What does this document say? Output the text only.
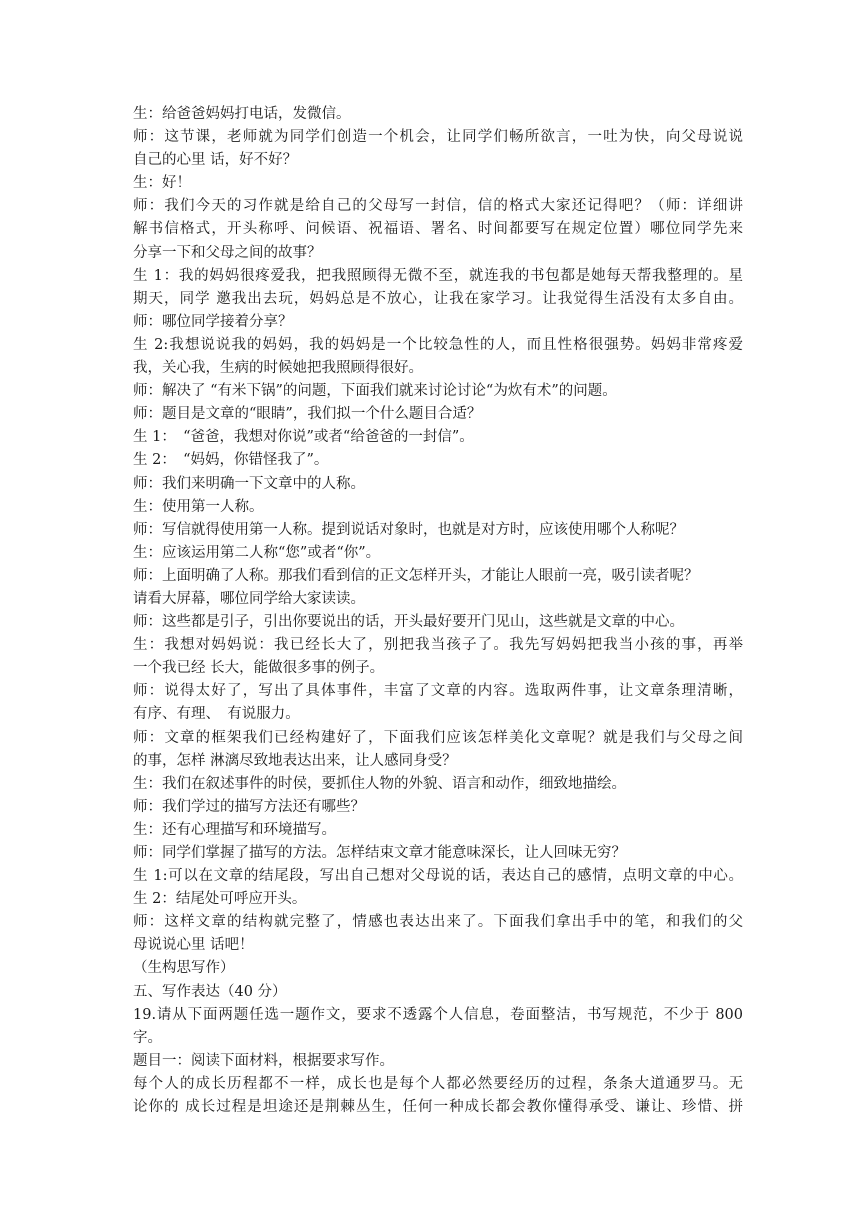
生：给爸爸妈妈打电话，发微信。
师：这节课，老师就为同学们创造一个机会，让同学们畅所欲言，一吐为快，向父母说说
自己的心里 话，好不好？
生：好！
师：我们今天的习作就是给自己的父母写一封信，信的格式大家还记得吧？（师：详细讲
解书信格式，开头称呼、问候语、祝福语、署名、时间都要写在规定位置）哪位同学先来
分享一下和父母之间的故事？
生 1：我的妈妈很疼爱我，把我照顾得无微不至，就连我的书包都是她每天帮我整理的。星
期天，同学 邀我出去玩，妈妈总是不放心，让我在家学习。让我觉得生活没有太多自由。
师：哪位同学接着分享？
生 2:我想说说我的妈妈，我的妈妈是一个比较急性的人，而且性格很强势。妈妈非常疼爱
我，关心我，生病的时候她把我照顾得很好。
师：解决了 “有米下锅”的问题，下面我们就来讨论讨论“为炊有术”的问题。
师：题目是文章的“眼睛”，我们拟一个什么题目合适？
生 1：　“爸爸，我想对你说”或者“给爸爸的一封信”。
生 2：　“妈妈，你错怪我了”。
师：我们来明确一下文章中的人称。
生：使用第一人称。
师：写信就得使用第一人称。提到说话对象时，也就是对方时，应该使用哪个人称呢？
生：应该运用第二人称“您”或者“你”。
师：上面明确了人称。那我们看到信的正文怎样开头，才能让人眼前一亮，吸引读者呢？
请看大屏幕，哪位同学给大家读读。
师：这些都是引子，引出你要说出的话，开头最好要开门见山，这些就是文章的中心。
生：我想对妈妈说：我已经长大了，别把我当孩子了。我先写妈妈把我当小孩的事，再举
一个我已经 长大，能做很多事的例子。
师：说得太好了，写出了具体事件，丰富了文章的内容。选取两件事，让文章条理清晰，
有序、有理、　有说服力。
师：文章的框架我们已经构建好了，下面我们应该怎样美化文章呢？就是我们与父母之间
的事，怎样 淋漓尽致地表达出来，让人感同身受？
生：我们在叙述事件的时侯，要抓住人物的外貌、语言和动作，细致地描绘。
师：我们学过的描写方法还有哪些？
生：还有心理描写和环境描写。
师：同学们掌握了描写的方法。怎样结束文章才能意味深长，让人回味无穷？
生 1:可以在文章的结尾段，写出自己想对父母说的话，表达自己的感情，点明文章的中心。
生 2：结尾处可呼应开头。
师：这样文章的结构就完整了，情感也表达出来了。下面我们拿出手中的笔，和我们的父
母说说心里 话吧！
（生构思写作）
五、写作表达（40 分）
19.请从下面两题任选一题作文，要求不透露个人信息，卷面整洁，书写规范，不少于 800
字。
题目一：阅读下面材料，根据要求写作。
每个人的成长历程都不一样，成长也是每个人都必然要经历的过程，条条大道通罗马。无
论你的 成长过程是坦途还是荆棘丛生，任何一种成长都会教你懂得承受、谦让、珍惜、拼
